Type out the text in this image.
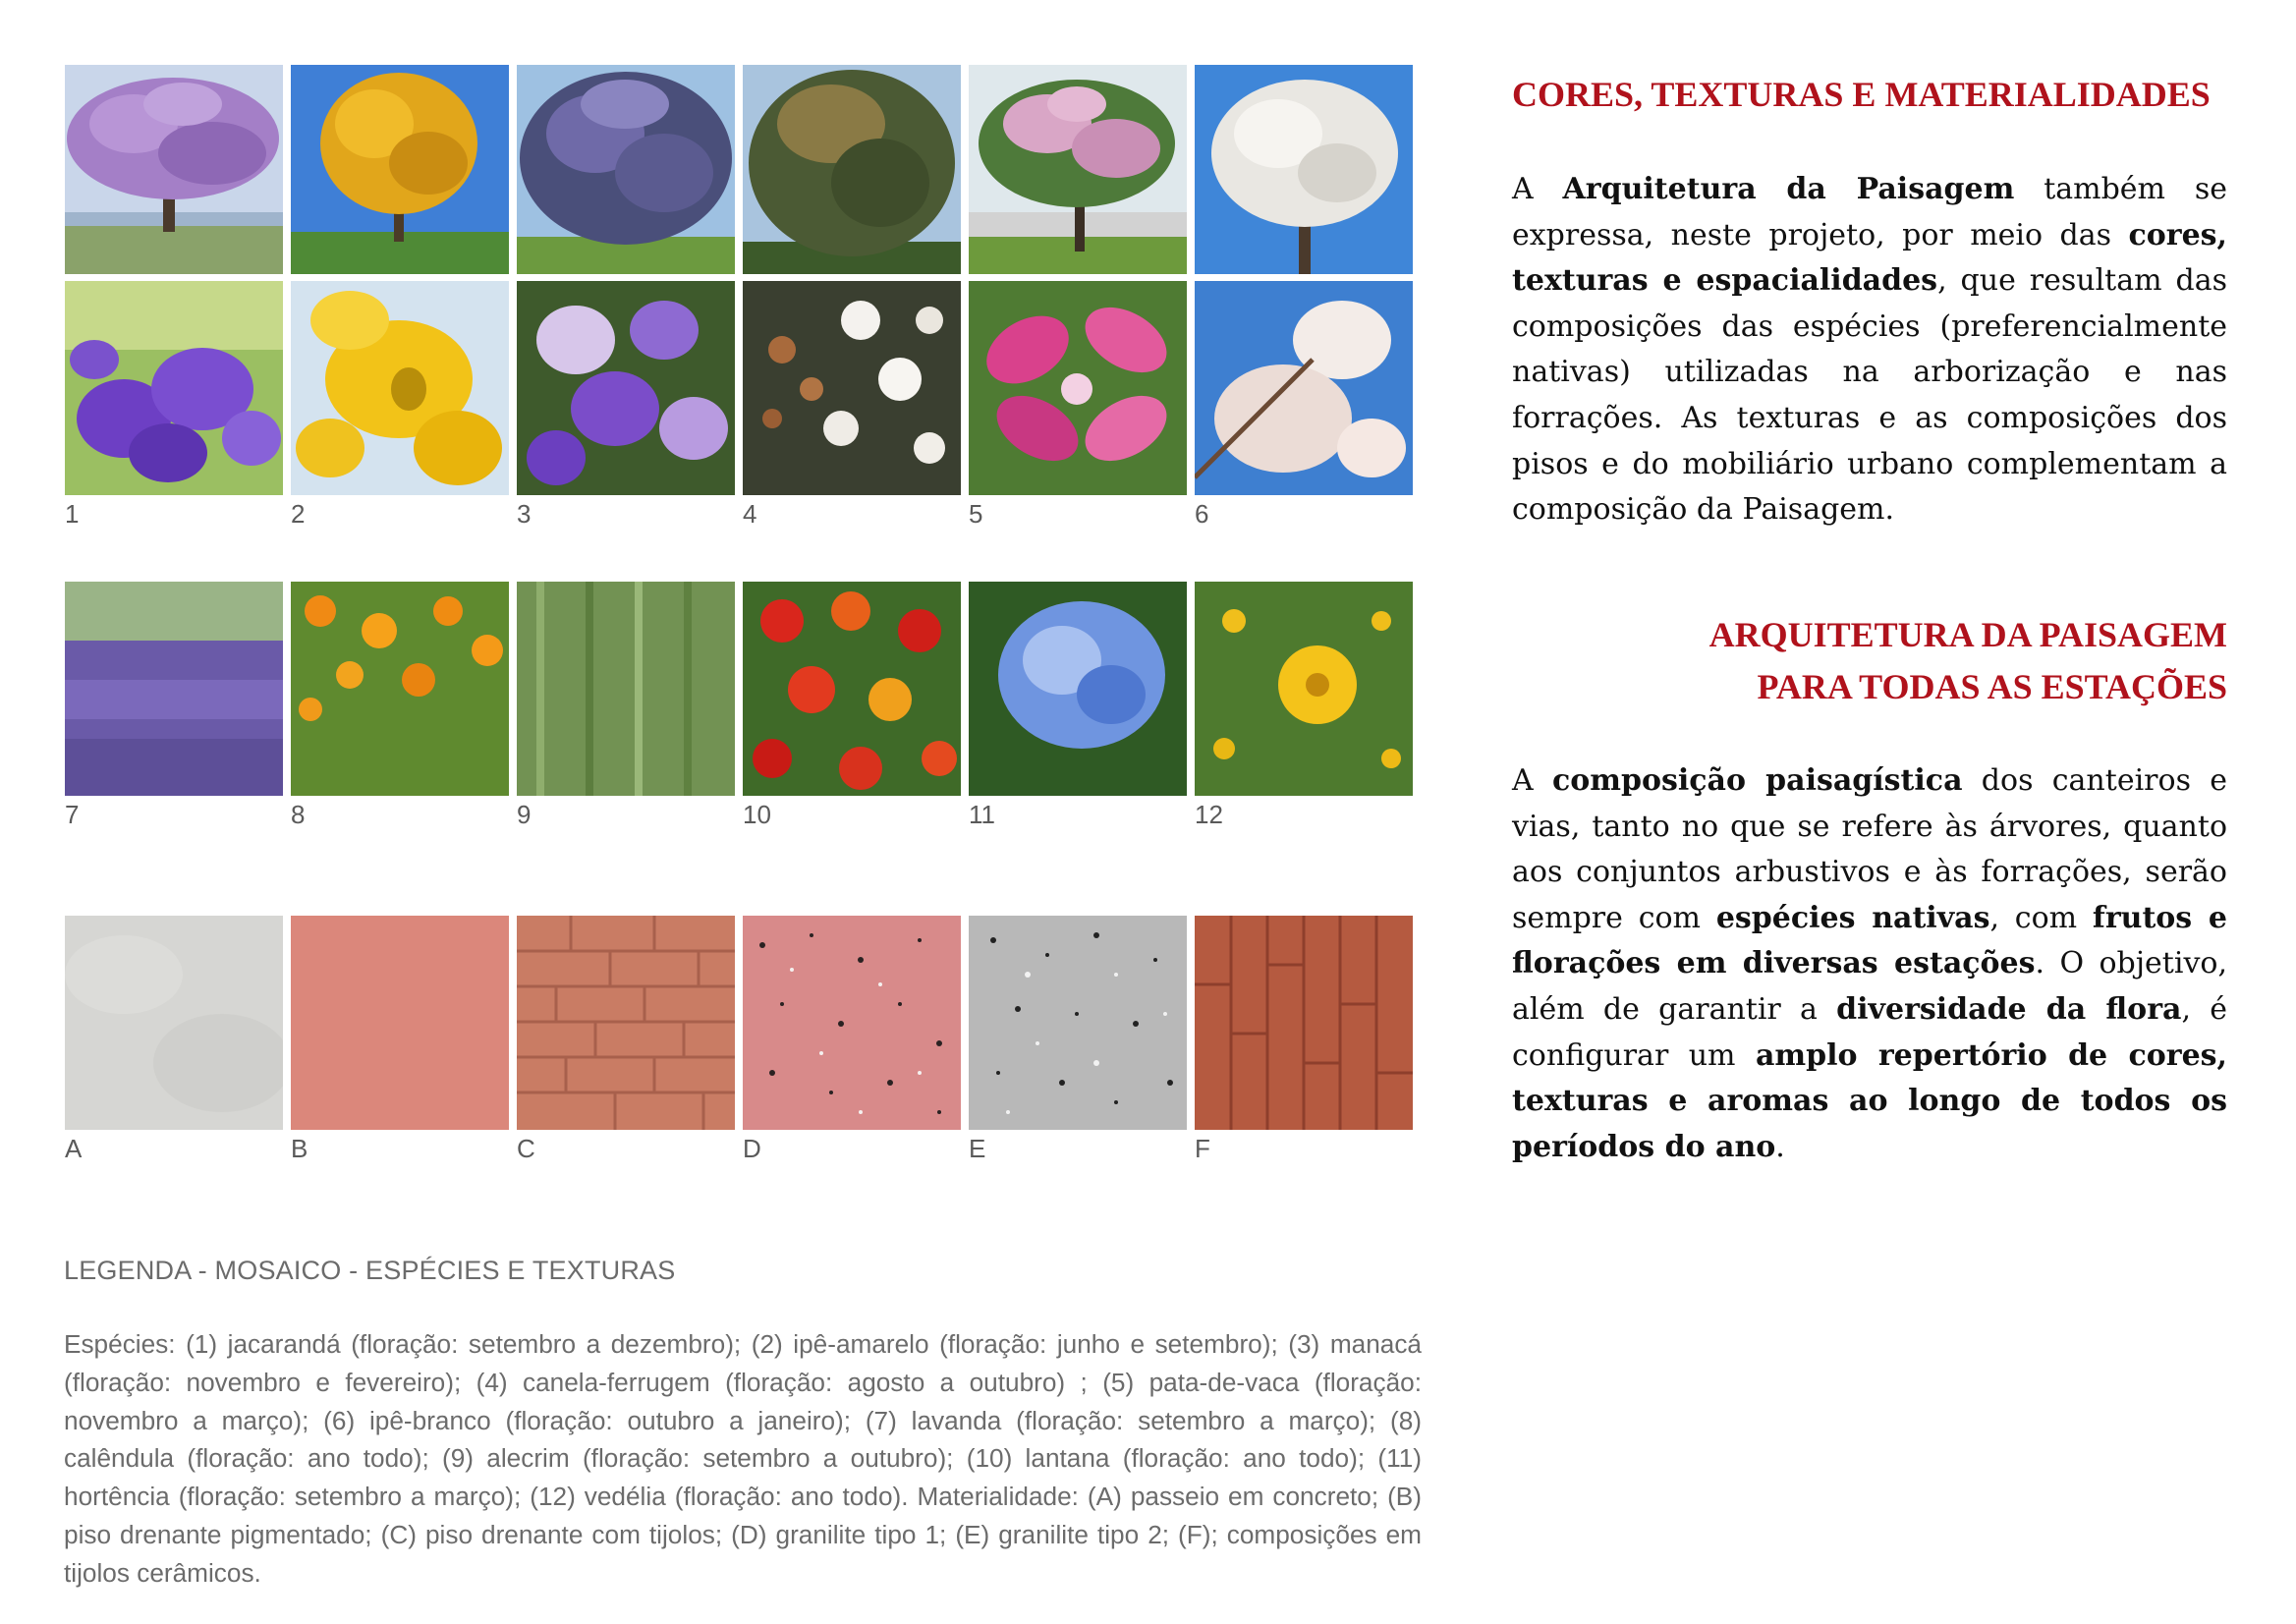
1	2	3	4	5	6
7	8	9	10	11	12
A	B	C	D	E	F

LEGENDA - MOSAICO - ESPÉCIES E TEXTURAS

Espécies: (1) jacarandá (floração: setembro a dezembro); (2) ipê-amarelo (floração: junho e setembro); (3) manacá (floração: novembro e fevereiro); (4) canela-ferrugem (floração: agosto a outubro) ; (5) pata-de-vaca (floração: novembro a março); (6) ipê-branco (floração: outubro a janeiro); (7) lavanda (floração: setembro a março); (8) calêndula (floração: ano todo); (9) alecrim (floração: setembro a outubro); (10) lantana (floração: ano todo); (11) hortência (floração: setembro a março); (12) vedélia (floração: ano todo). Materialidade: (A) passeio em concreto; (B) piso drenante pigmentado; (C) piso drenante com tijolos; (D) granilite tipo 1; (E) granilite tipo 2; (F); composições em tijolos cerâmicos.

CORES, TEXTURAS E MATERIALIDADES

A Arquitetura da Paisagem também se expressa, neste projeto, por meio das cores, texturas e espacialidades, que resultam das composições das espécies (preferencialmente nativas) utilizadas na arborização e nas forrações. As texturas e as composições dos pisos e do mobiliário urbano complementam a composição da Paisagem.

ARQUITETURA DA PAISAGEM
PARA TODAS AS ESTAÇÕES

A composição paisagística dos canteiros e vias, tanto no que se refere às árvores, quanto aos conjuntos arbustivos e às forrações, serão sempre com espécies nativas, com frutos e florações em diversas estações. O objetivo, além de garantir a diversidade da flora, é configurar um amplo repertório de cores, texturas e aromas ao longo de todos os períodos do ano.
